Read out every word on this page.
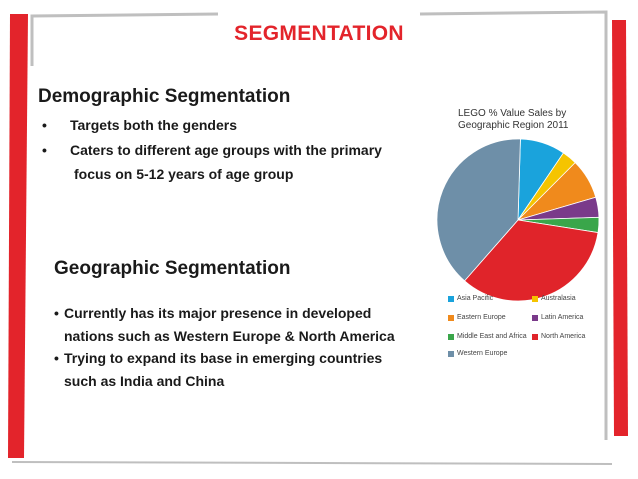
SEGMENTATION
Demographic Segmentation
• Targets both the genders
• Caters to different age groups with the primary
focus on 5-12 years of age group
Geographic Segmentation
• Currently has its major presence in developed
nations such as Western Europe & North America
• Trying to expand its base in emerging countries
such as India and China
LEGO % Value Sales by
Geographic Region 2011
Asia Pacific	Australasia
Eastern Europe	Latin America
Middle East and Africa North America
Western Europe
